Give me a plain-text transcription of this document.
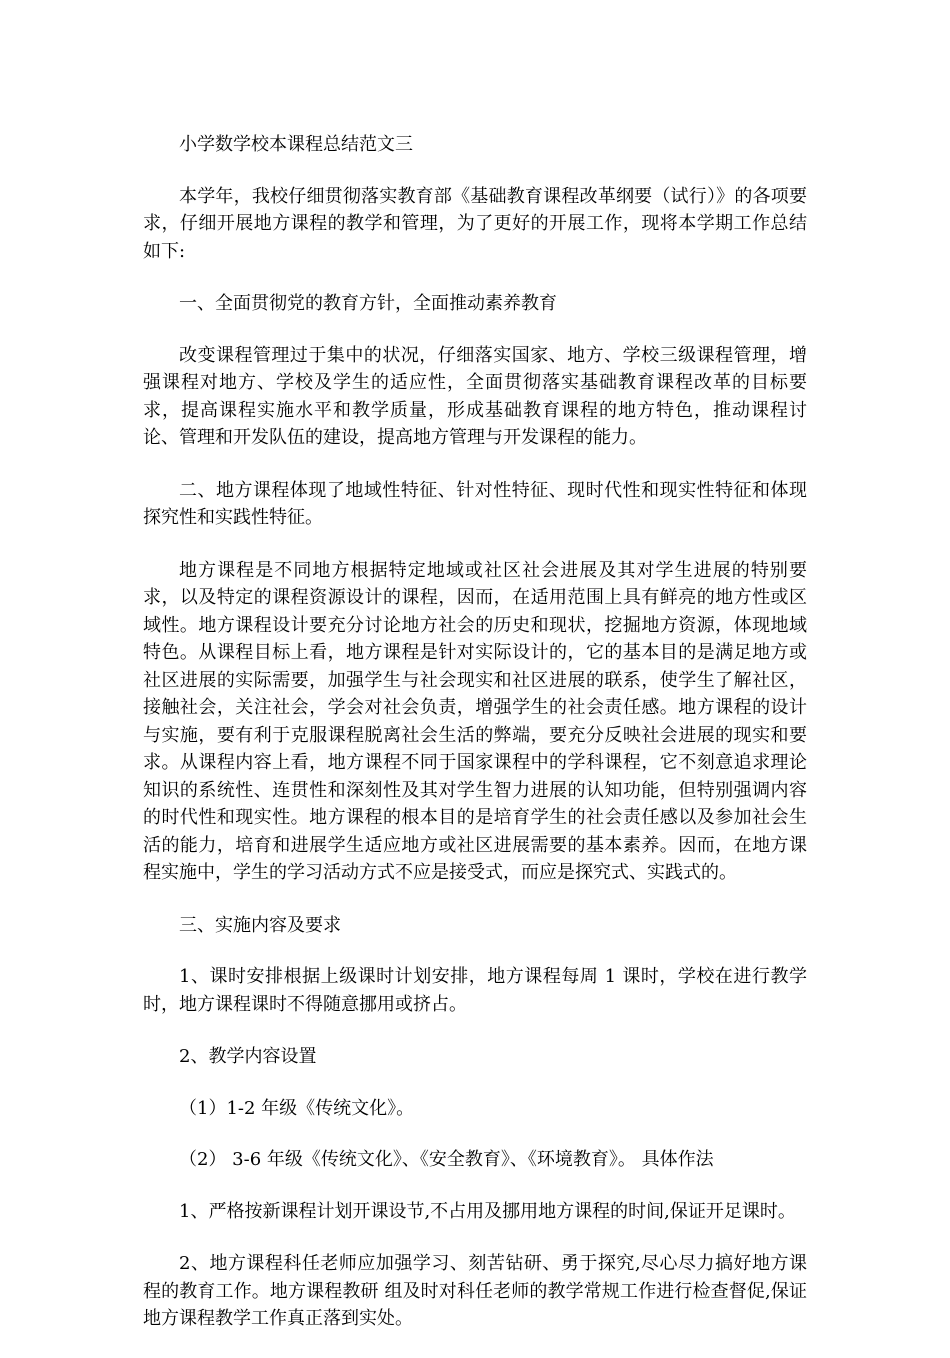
小学数学校本课程总结范文三

本学年，我校仔细贯彻落实教育部《基础教育课程改革纲要（试行）》的各项要求，仔细开展地方课程的教学和管理，为了更好的开展工作，现将本学期工作总结如下:

一、全面贯彻党的教育方针，全面推动素养教育

改变课程管理过于集中的状况，仔细落实国家、地方、学校三级课程管理，增强课程对地方、学校及学生的适应性，全面贯彻落实基础教育课程改革的目标要求，提高课程实施水平和教学质量，形成基础教育课程的地方特色，推动课程讨论、管理和开发队伍的建设，提高地方管理与开发课程的能力。

二、地方课程体现了地域性特征、针对性特征、现时代性和现实性特征和体现探究性和实践性特征。

地方课程是不同地方根据特定地域或社区社会进展及其对学生进展的特别要求，以及特定的课程资源设计的课程，因而，在适用范围上具有鲜亮的地方性或区域性。地方课程设计要充分讨论地方社会的历史和现状，挖掘地方资源，体现地域特色。从课程目标上看，地方课程是针对实际设计的，它的基本目的是满足地方或社区进展的实际需要，加强学生与社会现实和社区进展的联系，使学生了解社区，接触社会，关注社会，学会对社会负责，增强学生的社会责任感。地方课程的设计与实施，要有利于克服课程脱离社会生活的弊端，要充分反映社会进展的现实和要求。从课程内容上看，地方课程不同于国家课程中的学科课程，它不刻意追求理论知识的系统性、连贯性和深刻性及其对学生智力进展的认知功能，但特别强调内容的时代性和现实性。地方课程的根本目的是培育学生的社会责任感以及参加社会生活的能力，培育和进展学生适应地方或社区进展需要的基本素养。因而，在地方课程实施中，学生的学习活动方式不应是接受式，而应是探究式、实践式的。

三、实施内容及要求

1、课时安排根据上级课时计划安排，地方课程每周 1 课时，学校在进行教学时，地方课程课时不得随意挪用或挤占。

2、教学内容设置

（1）1-2 年级《传统文化》。

（2） 3-6 年级《传统文化》、《安全教育》、《环境教育》。 具体作法

1、严格按新课程计划开课设节,不占用及挪用地方课程的时间,保证开足课时。

2、地方课程科任老师应加强学习、刻苦钻研、勇于探究,尽心尽力搞好地方课程的教育工作。地方课程教研 组及时对科任老师的教学常规工作进行检查督促,保证地方课程教学工作真正落到实处。
